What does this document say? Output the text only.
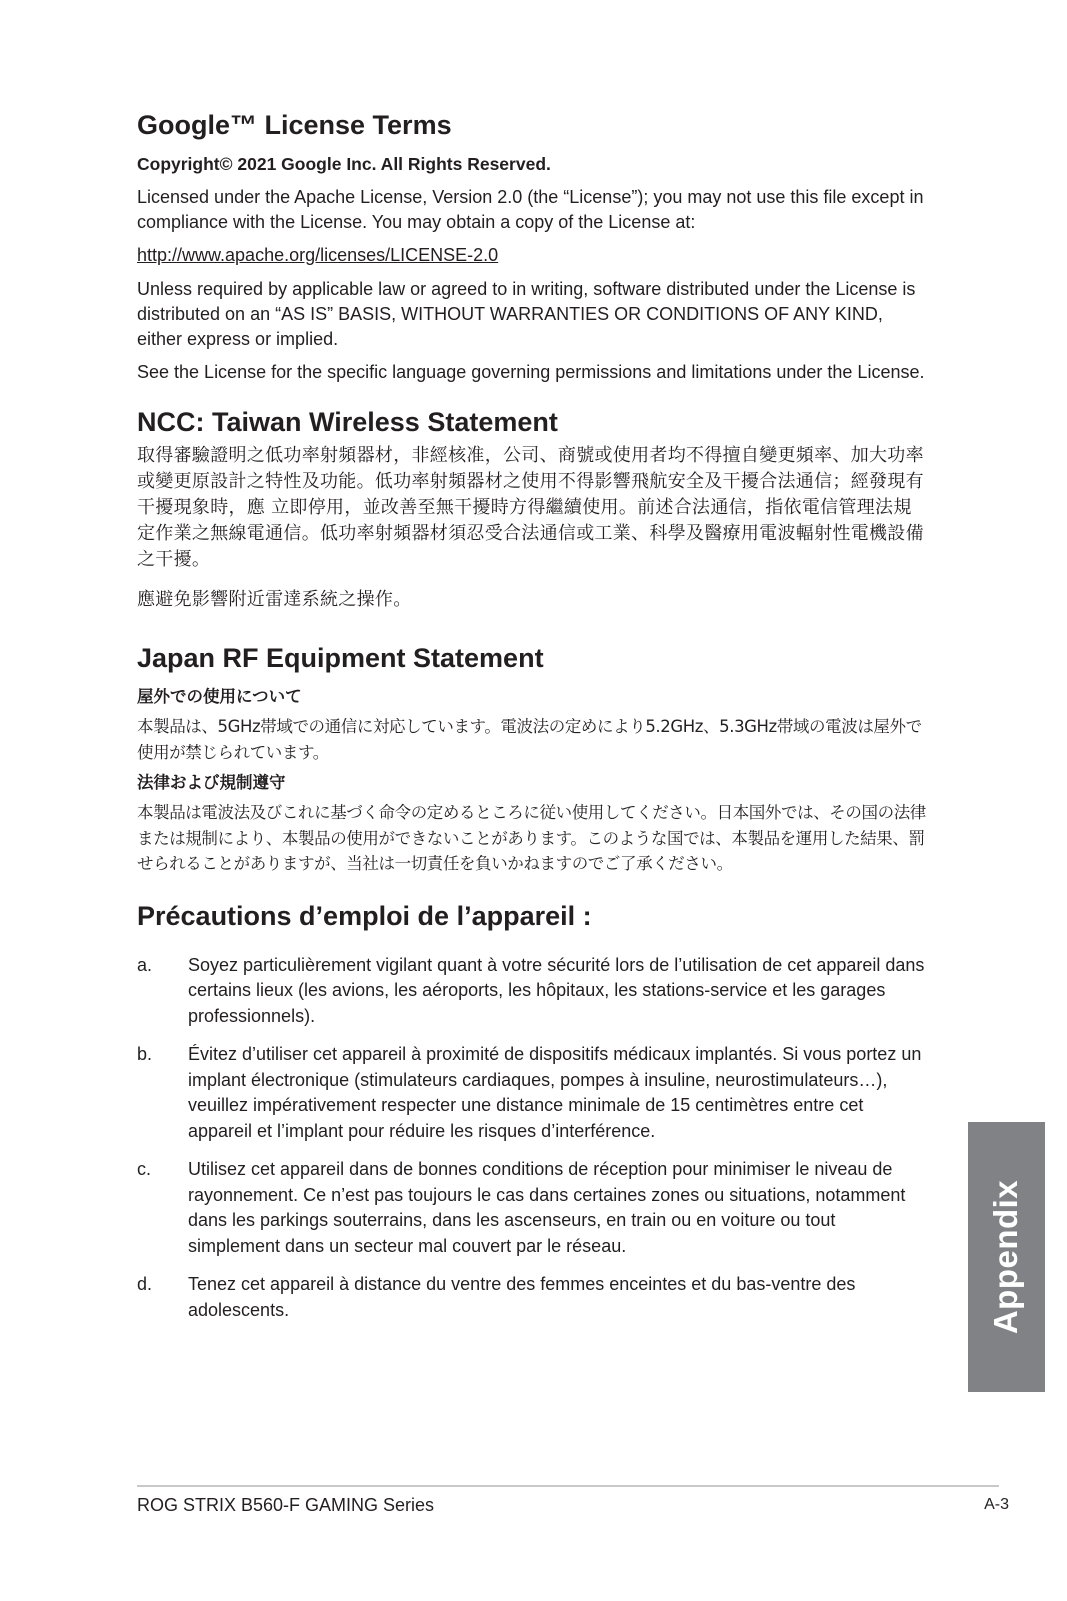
Google™ License Terms
Copyright© 2021 Google Inc. All Rights Reserved.

Licensed under the Apache License, Version 2.0 (the “License”); you may not use this file except in compliance with the License. You may obtain a copy of the License at:

http://www.apache.org/licenses/LICENSE-2.0

Unless required by applicable law or agreed to in writing, software distributed under the License is distributed on an “AS IS” BASIS, WITHOUT WARRANTIES OR CONDITIONS OF ANY KIND, either express or implied.

See the License for the specific language governing permissions and limitations under the License.

NCC: Taiwan Wireless Statement

取得審驗證明之低功率射頻器材，非經核准，公司、商號或使用者均不得擅自變更頻率、加大功率或變更原設計之特性及功能。低功率射頻器材之使用不得影響飛航安全及干擾合法通信；經發現有干擾現象時，應 立即停用，並改善至無干擾時方得繼續使用。前述合法通信，指依電信管理法規定作業之無線電通信。低功率射頻器材須忍受合法通信或工業、科學及醫療用電波輻射性電機設備之干擾。

應避免影響附近雷達系統之操作。

Japan RF Equipment Statement
屋外での使用について

本製品は、5GHz帯域での通信に対応しています。電波法の定めにより5.2GHz、5.3GHz帯域の電波は屋外で使用が禁じられています。

法律および規制遵守

本製品は電波法及びこれに基づく命令の定めるところに従い使用してください。日本国外では、その国の法律または規制により、本製品の使用ができないことがあります。このような国では、本製品を運用した結果、罰せられることがありますが、当社は一切責任を負いかねますのでご了承ください。

Précautions d’emploi de l’appareil :
a. Soyez particulièrement vigilant quant à votre sécurité lors de l’utilisation de cet appareil dans certains lieux (les avions, les aéroports, les hôpitaux, les stations-service et les garages professionnels).
b. Évitez d’utiliser cet appareil à proximité de dispositifs médicaux implantés. Si vous portez un implant électronique (stimulateurs cardiaques, pompes à insuline, neurostimulateurs…), veuillez impérativement respecter une distance minimale de 15 centimètres entre cet appareil et l’implant pour réduire les risques d’interférence.
c. Utilisez cet appareil dans de bonnes conditions de réception pour minimiser le niveau de rayonnement. Ce n’est pas toujours le cas dans certaines zones ou situations, notamment dans les parkings souterrains, dans les ascenseurs, en train ou en voiture ou tout simplement dans un secteur mal couvert par le réseau.
d. Tenez cet appareil à distance du ventre des femmes enceintes et du bas-ventre des adolescents.	Appendix
ROG STRIX B560-F GAMING Series	A-3
